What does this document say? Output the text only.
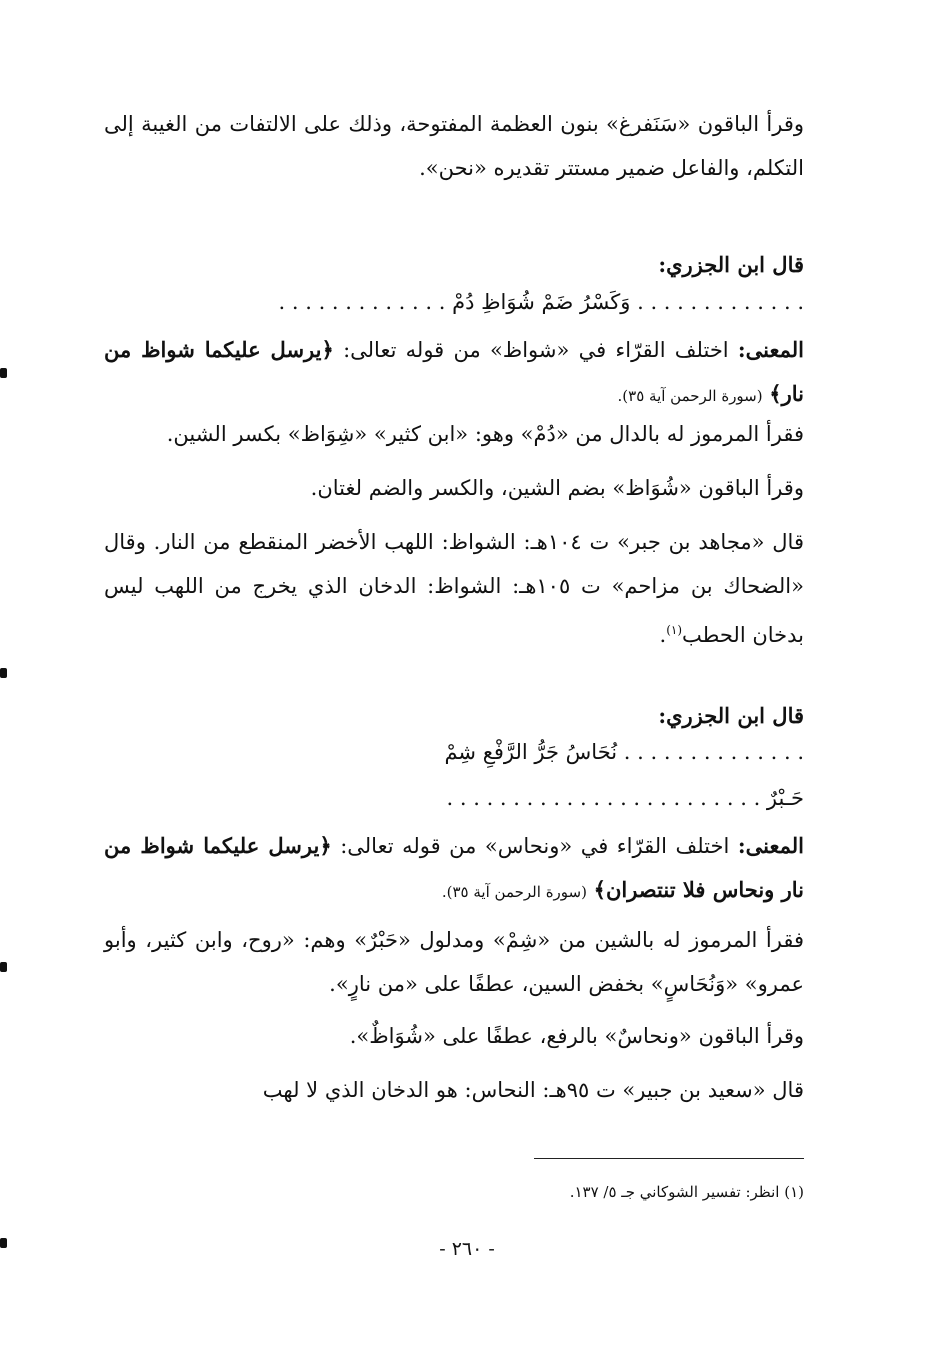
وقرأ الباقون «سَنَفرغ» بنون العظمة المفتوحة، وذلك على الالتفات من الغيبة إلى التكلم، والفاعل ضمير مستتر تقديره «نحن».
قال ابن الجزري:
. . . . . . . . . . . . . وَكَسْرُ ضَمْ شُوَاظِ دُمْ . . . . . . . . . . . . .
المعنى: اختلف القرّاء في «شواظ» من قوله تعالى: ﴿يرسل عليكما شواظ من نار﴾ (سورة الرحمن آية ٣٥).
فقرأ المرموز له بالدال من «دُمْ» وهو: «ابن كثير» «شِوَاظ» بكسر الشين.
وقرأ الباقون «شُوَاظ» بضم الشين، والكسر والضم لغتان.
قال «مجاهد بن جبر» ت ١٠٤هـ: الشواظ: اللهب الأخضر المنقطع من النار. وقال «الضحاك بن مزاحم» ت ١٠٥هـ: الشواظ: الدخان الذي يخرج من اللهب ليس بدخان الحطب$^{(١)}$.
قال ابن الجزري:
. . . . . . . . . . . . . . نُحَاسُ جَرُّ الرَّفْعِ شِمْ
حَـبْرٌ . . . . . . . . . . . . . . . . . . . . . . . .
المعنى: اختلف القرّاء في «ونحاس» من قوله تعالى: ﴿يرسل عليكما شواظ من نار ونحاس فلا تنتصران﴾ (سورة الرحمن آية ٣٥).
فقرأ المرموز له بالشين من «شِمْ» ومدلول «حَبْرٌ» وهم: «روح، وابن كثير، وأبو عمرو» «وَنُحَاسٍ» بخفض السين، عطفًا على «من نارٍ».
وقرأ الباقون «ونحاسٌ» بالرفع، عطفًا على «شُوَاظٌ».
قال «سعيد بن جبير» ت ٩٥هـ: النحاس: هو الدخان الذي لا لهب
(١) انظر: تفسير الشوكاني جـ ٥/ ١٣٧.
- ٢٦٠ -
